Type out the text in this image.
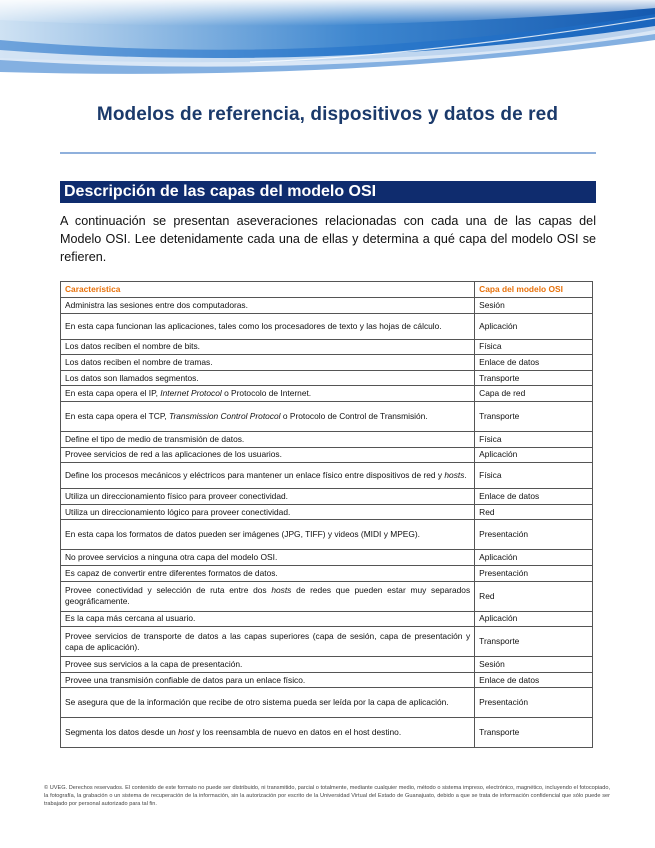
Modelos de referencia, dispositivos y datos de red
Descripción de las capas del modelo OSI

A continuación se presentan aseveraciones relacionadas con cada una de las capas del Modelo OSI. Lee detenidamente cada una de ellas y determina a qué capa del modelo OSI se refieren.

Característica	Capa del modelo OSI
Administra las sesiones entre dos computadoras.	Sesión
En esta capa funcionan las aplicaciones, tales como los procesadores de texto y las hojas de cálculo.	Aplicación
Los datos reciben el nombre de bits.	Física
Los datos reciben el nombre de tramas.	Enlace de datos
Los datos son llamados segmentos.	Transporte
En esta capa opera el IP, Internet Protocol o Protocolo de Internet.	Capa de red
En esta capa opera el TCP, Transmission Control Protocol o Protocolo de Control de Transmisión.	Transporte
Define el tipo de medio de transmisión de datos.	Física
Provee servicios de red a las aplicaciones de los usuarios.	Aplicación
Define los procesos mecánicos y eléctricos para mantener un enlace físico entre dispositivos de red y hosts.	Física
Utiliza un direccionamiento físico para proveer conectividad.	Enlace de datos
Utiliza un direccionamiento lógico para proveer conectividad.	Red
En esta capa los formatos de datos pueden ser imágenes (JPG, TIFF) y videos (MIDI y MPEG).	Presentación
No provee servicios a ninguna otra capa del modelo OSI.	Aplicación
Es capaz de convertir entre diferentes formatos de datos.	Presentación
Provee conectividad y selección de ruta entre dos hosts de redes que pueden estar muy separados geográficamente.	Red
Es la capa más cercana al usuario.	Aplicación
Provee servicios de transporte de datos a las capas superiores (capa de sesión, capa de presentación y capa de aplicación).	Transporte
Provee sus servicios a la capa de presentación.	Sesión
Provee una transmisión confiable de datos para un enlace físico.	Enlace de datos
Se asegura que de la información que recibe de otro sistema pueda ser leída por la capa de aplicación.	Presentación
Segmenta los datos desde un host y los reensambla de nuevo en datos en el host destino.	Transporte

© UVEG. Derechos reservados. El contenido de este formato no puede ser distribuido, ni transmitido, parcial o totalmente, mediante cualquier medio, método o sistema impreso, electrónico, magnético, incluyendo el fotocopiado, la fotografía, la grabación o un sistema de recuperación de la información, sin la autorización por escrito de la Universidad Virtual del Estado de Guanajuato, debido a que se trata de información confidencial que sólo puede ser trabajado por personal autorizado para tal fin.
